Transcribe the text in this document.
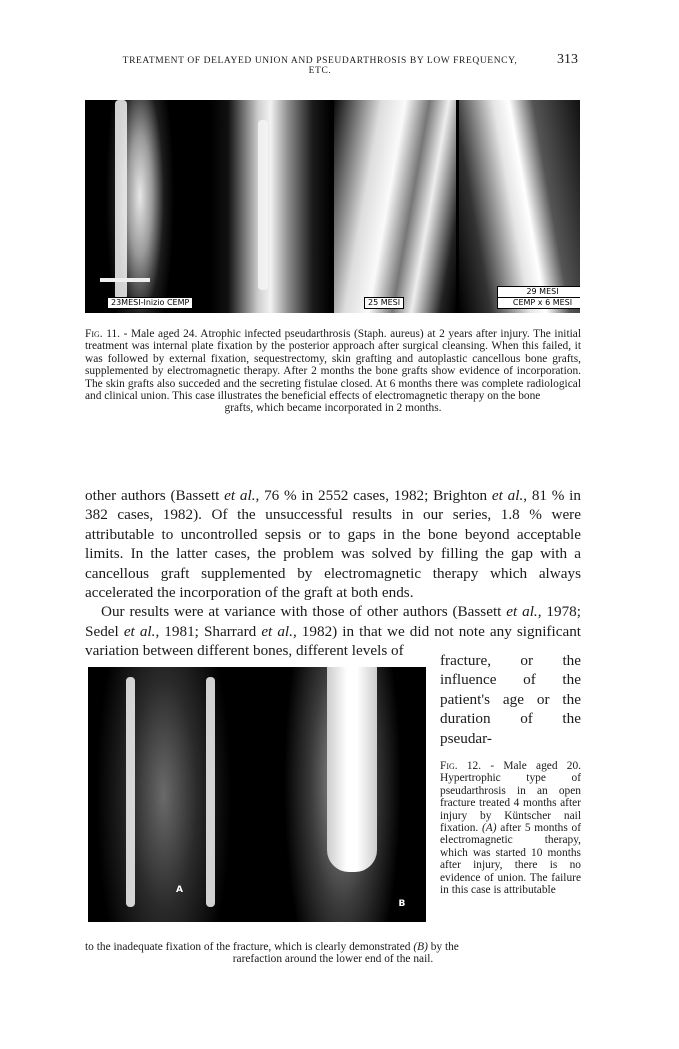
TREATMENT OF DELAYED UNION AND PSEUDARTHROSIS BY LOW FREQUENCY, ETC.
313
23MESI-Inizio CEMP	25 MESI
29 MESI
CEMP x 6 MESI
Fig. 11. - Male aged 24. Atrophic infected pseudarthrosis (Staph. aureus) at 2 years after injury. The initial treatment was internal plate fixation by the posterior approach after surgical cleansing. When this failed, it was followed by external fixation, sequestrectomy, skin grafting and autoplastic cancellous bone grafts, supplemented by electromagnetic therapy. After 2 months the bone grafts show evidence of incorporation. The skin grafts also succeded and the secreting fistulae closed. At 6 months there was complete radiological and clinical union. This case illustrates the beneficial effects of electromagnetic therapy on the bone
grafts, which became incorporated in 2 months.

other authors (Bassett et al., 76 % in 2552 cases, 1982; Brighton et al., 81 % in 382 cases, 1982). Of the unsuccessful results in our series, 1.8 % were attributable to uncontrolled sepsis or to gaps in the bone beyond acceptable limits. In the latter cases, the problem was solved by filling the gap with a cancellous graft supplemented by electromagnetic therapy which always accelerated the incorporation of the graft at both ends.

Our results were at variance with those of other authors (Bassett et al., 1978; Sedel et al., 1981; Sharrard et al., 1982) in that we did not note any significant variation between different bones, different levels of

fracture, or the influence of the patient's age or the duration of the pseudar-
A
B
Fig. 12. - Male aged 20. Hypertrophic type of pseudarthrosis in an open fracture treated 4 months after injury by Küntscher nail fixation. (A) after 5 months of electromagnetic therapy, which was started 10 months after injury, there is no evidence of union. The failure in this case is attributable
to the inadequate fixation of the fracture, which is clearly demonstrated (B) by the
rarefaction around the lower end of the nail.
